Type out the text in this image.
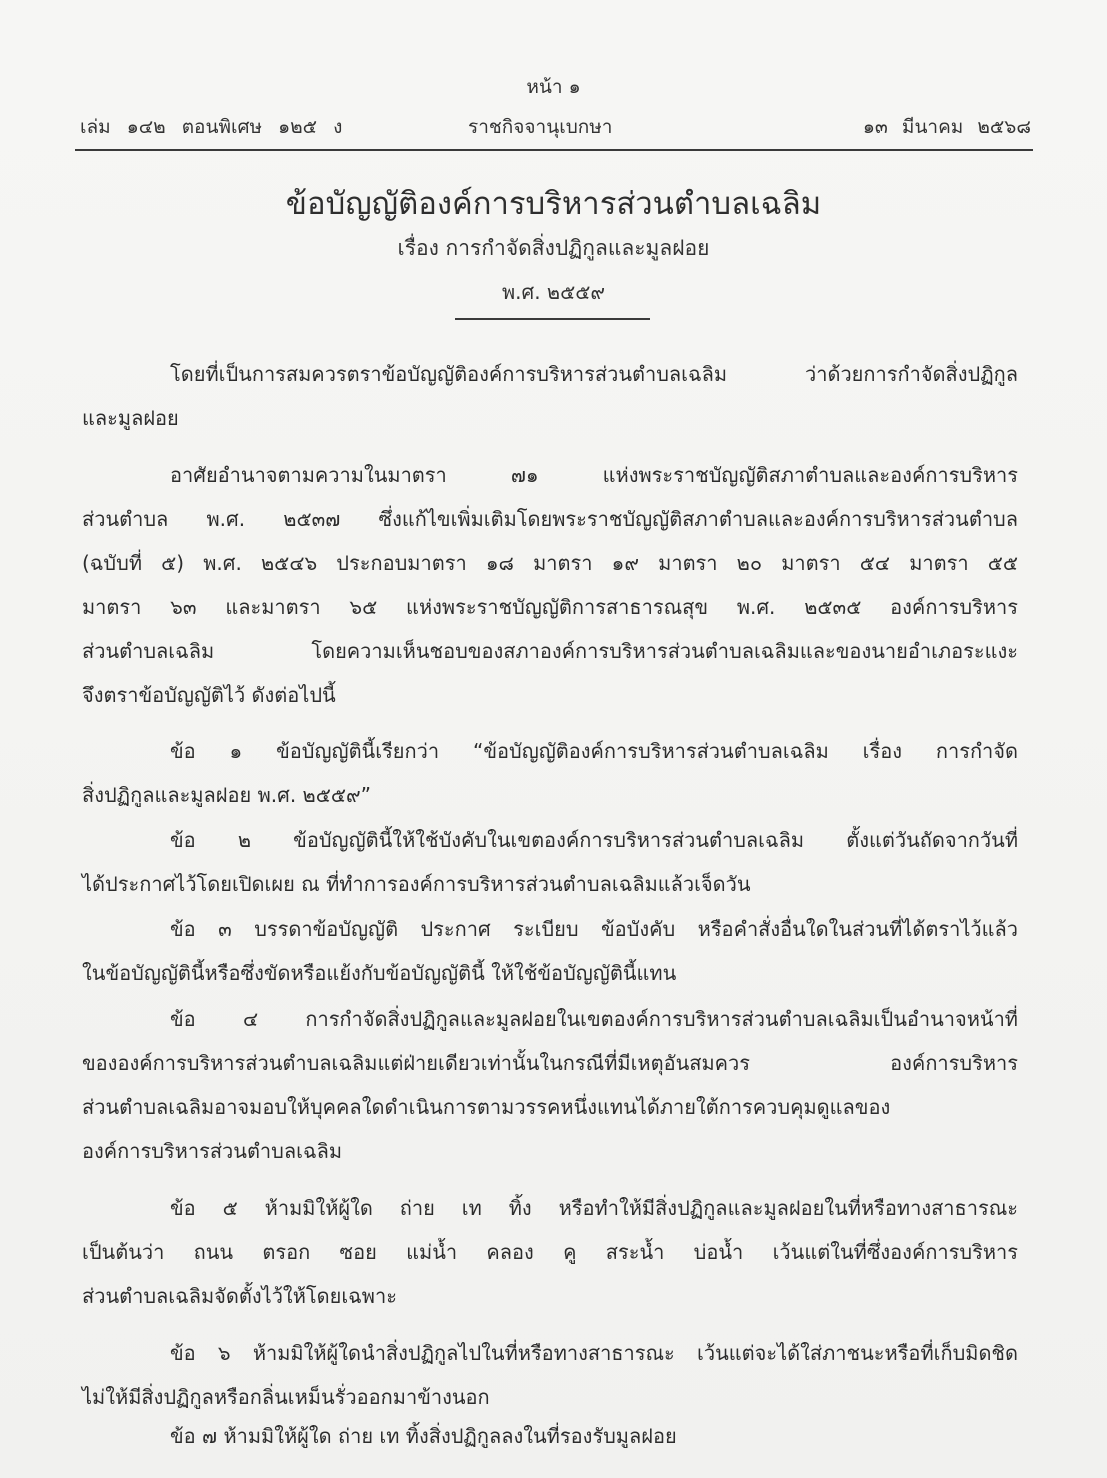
หน้า ๑
เล่ม ๑๔๒ ตอนพิเศษ ๑๒๕ ง	ราชกิจจานุเบกษา	๑๓ มีนาคม ๒๕๖๘
ข้อบัญญัติองค์การบริหารส่วนตำบลเฉลิม
เรื่อง การกำจัดสิ่งปฏิกูลและมูลฝอย
พ.ศ. ๒๕๕๙
โดยที่เป็นการสมควรตราข้อบัญญัติองค์การบริหารส่วนตำบลเฉลิม ว่าด้วยการกำจัดสิ่งปฏิกูล
และมูลฝอย
อาศัยอำนาจตามความในมาตรา ๗๑ แห่งพระราชบัญญัติสภาตำบลและองค์การบริหาร
ส่วนตำบล พ.ศ. ๒๕๓๗ ซึ่งแก้ไขเพิ่มเติมโดยพระราชบัญญัติสภาตำบลและองค์การบริหารส่วนตำบล
(ฉบับที่ ๕) พ.ศ. ๒๕๔๖ ประกอบมาตรา ๑๘ มาตรา ๑๙ มาตรา ๒๐ มาตรา ๕๔ มาตรา ๕๕
มาตรา ๖๓ และมาตรา ๖๕ แห่งพระราชบัญญัติการสาธารณสุข พ.ศ. ๒๕๓๕ องค์การบริหาร
ส่วนตำบลเฉลิม โดยความเห็นชอบของสภาองค์การบริหารส่วนตำบลเฉลิมและของนายอำเภอระแงะ
จึงตราข้อบัญญัติไว้ ดังต่อไปนี้
ข้อ ๑ ข้อบัญญัตินี้เรียกว่า “ข้อบัญญัติองค์การบริหารส่วนตำบลเฉลิม เรื่อง การกำจัด
สิ่งปฏิกูลและมูลฝอย พ.ศ. ๒๕๕๙”
ข้อ ๒ ข้อบัญญัตินี้ให้ใช้บังคับในเขตองค์การบริหารส่วนตำบลเฉลิม ตั้งแต่วันถัดจากวันที่
ได้ประกาศไว้โดยเปิดเผย ณ ที่ทำการองค์การบริหารส่วนตำบลเฉลิมแล้วเจ็ดวัน
ข้อ ๓ บรรดาข้อบัญญัติ ประกาศ ระเบียบ ข้อบังคับ หรือคำสั่งอื่นใดในส่วนที่ได้ตราไว้แล้ว
ในข้อบัญญัตินี้หรือซึ่งขัดหรือแย้งกับข้อบัญญัตินี้ ให้ใช้ข้อบัญญัตินี้แทน
ข้อ ๔ การกำจัดสิ่งปฏิกูลและมูลฝอยในเขตองค์การบริหารส่วนตำบลเฉลิมเป็นอำนาจหน้าที่
ขององค์การบริหารส่วนตำบลเฉลิมแต่ฝ่ายเดียวเท่านั้นในกรณีที่มีเหตุอันสมควร องค์การบริหาร
ส่วนตำบลเฉลิมอาจมอบให้บุคคลใดดำเนินการตามวรรคหนึ่งแทนได้ภายใต้การควบคุมดูแลของ
องค์การบริหารส่วนตำบลเฉลิม
ข้อ ๕ ห้ามมิให้ผู้ใด ถ่าย เท ทิ้ง หรือทำให้มีสิ่งปฏิกูลและมูลฝอยในที่หรือทางสาธารณะ
เป็นต้นว่า ถนน ตรอก ซอย แม่น้ำ คลอง คู สระน้ำ บ่อน้ำ เว้นแต่ในที่ซึ่งองค์การบริหาร
ส่วนตำบลเฉลิมจัดตั้งไว้ให้โดยเฉพาะ
ข้อ ๖ ห้ามมิให้ผู้ใดนำสิ่งปฏิกูลไปในที่หรือทางสาธารณะ เว้นแต่จะได้ใส่ภาชนะหรือที่เก็บมิดชิด
ไม่ให้มีสิ่งปฏิกูลหรือกลิ่นเหม็นรั่วออกมาข้างนอก
ข้อ ๗ ห้ามมิให้ผู้ใด ถ่าย เท ทิ้งสิ่งปฏิกูลลงในที่รองรับมูลฝอย
